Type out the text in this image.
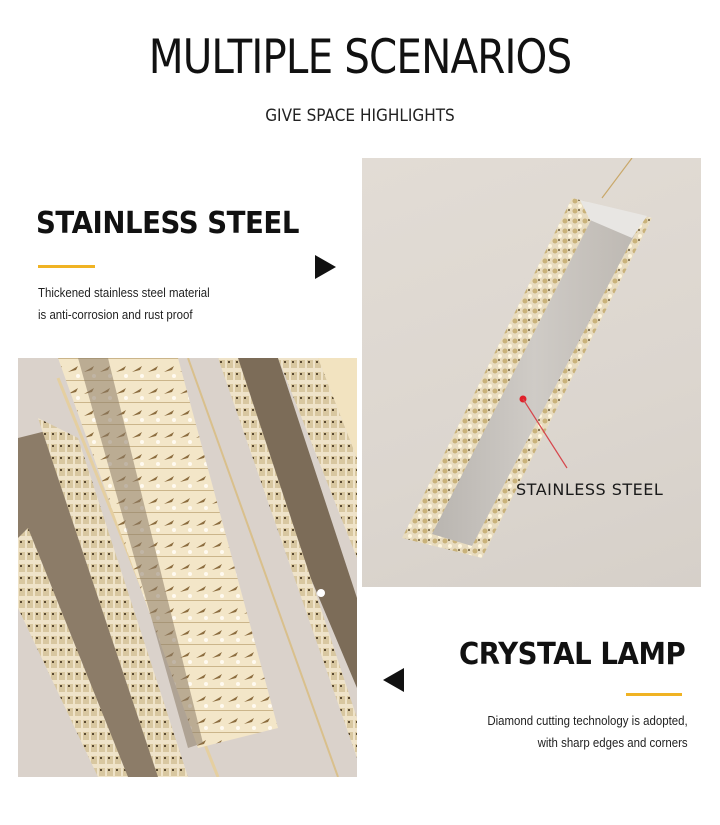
MULTIPLE SCENARIOS
GIVE SPACE HIGHLIGHTS
STAINLESS STEEL
Thickened stainless steel material
is anti-corrosion and rust proof
STAINLESS STEEL
CRYSTAL LAMP
Diamond cutting technology is adopted,
with sharp edges and corners
